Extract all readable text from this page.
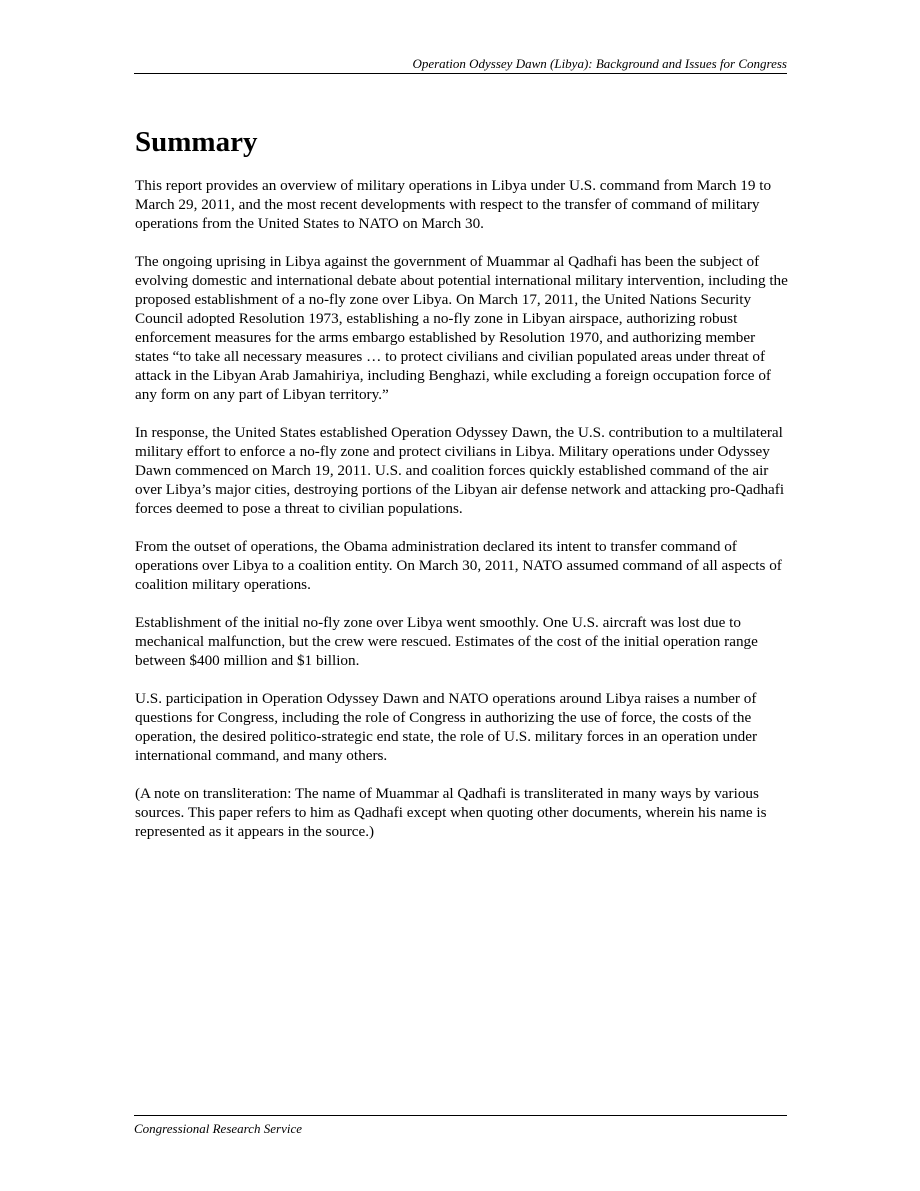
Operation Odyssey Dawn (Libya): Background and Issues for Congress
Summary

This report provides an overview of military operations in Libya under U.S. command from March 19 to March 29, 2011, and the most recent developments with respect to the transfer of command of military operations from the United States to NATO on March 30.

The ongoing uprising in Libya against the government of Muammar al Qadhafi has been the subject of evolving domestic and international debate about potential international military intervention, including the proposed establishment of a no-fly zone over Libya. On March 17, 2011, the United Nations Security Council adopted Resolution 1973, establishing a no-fly zone in Libyan airspace, authorizing robust enforcement measures for the arms embargo established by Resolution 1970, and authorizing member states “to take all necessary measures … to protect civilians and civilian populated areas under threat of attack in the Libyan Arab Jamahiriya, including Benghazi, while excluding a foreign occupation force of any form on any part of Libyan territory.”

In response, the United States established Operation Odyssey Dawn, the U.S. contribution to a multilateral military effort to enforce a no-fly zone and protect civilians in Libya. Military operations under Odyssey Dawn commenced on March 19, 2011. U.S. and coalition forces quickly established command of the air over Libya’s major cities, destroying portions of the Libyan air defense network and attacking pro-Qadhafi forces deemed to pose a threat to civilian populations.

From the outset of operations, the Obama administration declared its intent to transfer command of operations over Libya to a coalition entity. On March 30, 2011, NATO assumed command of all aspects of coalition military operations.

Establishment of the initial no-fly zone over Libya went smoothly. One U.S. aircraft was lost due to mechanical malfunction, but the crew were rescued. Estimates of the cost of the initial operation range between $400 million and $1 billion.

U.S. participation in Operation Odyssey Dawn and NATO operations around Libya raises a number of questions for Congress, including the role of Congress in authorizing the use of force, the costs of the operation, the desired politico-strategic end state, the role of U.S. military forces in an operation under international command, and many others.

(A note on transliteration: The name of Muammar al Qadhafi is transliterated in many ways by various sources. This paper refers to him as Qadhafi except when quoting other documents, wherein his name is represented as it appears in the source.)

Congressional Research Service
